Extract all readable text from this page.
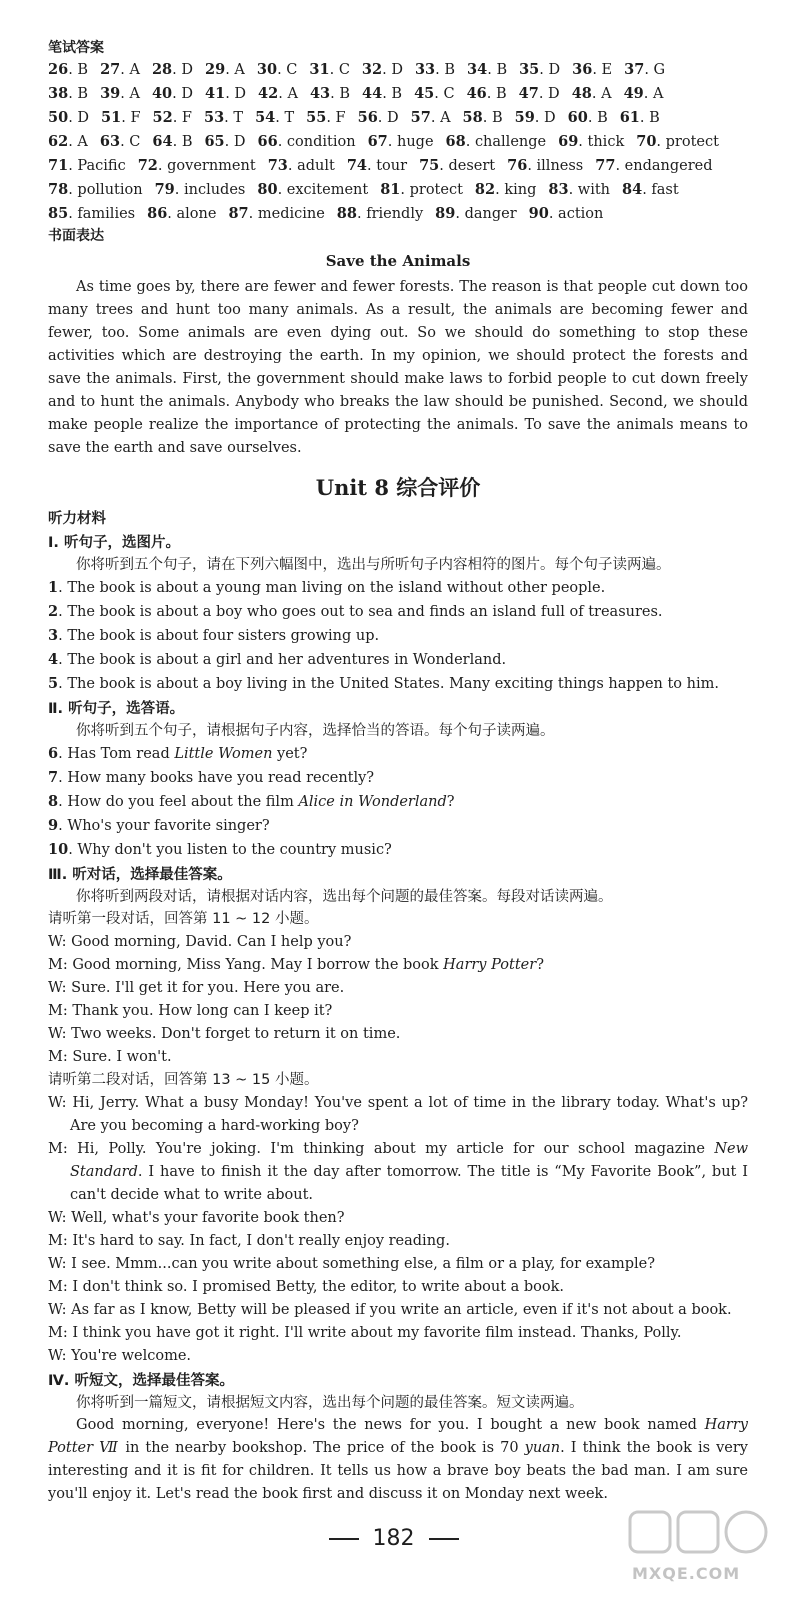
笔试答案
26. B 27. A 28. D 29. A 30. C 31. C 32. D 33. B 34. B 35. D 36. E 37. G
38. B 39. A 40. D 41. D 42. A 43. B 44. B 45. C 46. B 47. D 48. A 49. A
50. D 51. F 52. F 53. T 54. T 55. F 56. D 57. A 58. B 59. D 60. B 61. B
62. A 63. C 64. B 65. D 66. condition 67. huge 68. challenge 69. thick 70. protect
71. Pacific 72. government 73. adult 74. tour 75. desert 76. illness 77. endangered
78. pollution 79. includes 80. excitement 81. protect 82. king 83. with 84. fast
85. families 86. alone 87. medicine 88. friendly 89. danger 90. action
书面表达
Save the Animals

As time goes by, there are fewer and fewer forests. The reason is that people cut down too many trees and hunt too many animals. As a result, the animals are becoming fewer and fewer, too. Some animals are even dying out. So we should do something to stop these activities which are destroying the earth. In my opinion, we should protect the forests and save the animals. First, the government should make laws to forbid people to cut down freely and to hunt the animals. Anybody who breaks the law should be punished. Second, we should make people realize the importance of protecting the animals. To save the animals means to save the earth and save ourselves.

Unit 8 综合评价
听力材料
Ⅰ. 听句子，选图片。
你将听到五个句子，请在下列六幅图中，选出与所听句子内容相符的图片。每个句子读两遍。
1. The book is about a young man living on the island without other people.
2. The book is about a boy who goes out to sea and finds an island full of treasures.
3. The book is about four sisters growing up.
4. The book is about a girl and her adventures in Wonderland.
5. The book is about a boy living in the United States. Many exciting things happen to him.
Ⅱ. 听句子，选答语。
你将听到五个句子，请根据句子内容，选择恰当的答语。每个句子读两遍。
6. Has Tom read Little Women yet?
7. How many books have you read recently?
8. How do you feel about the film Alice in Wonderland?
9. Who's your favorite singer?
10. Why don't you listen to the country music?
Ⅲ. 听对话，选择最佳答案。
你将听到两段对话，请根据对话内容，选出每个问题的最佳答案。每段对话读两遍。
请听第一段对话，回答第 11 ~ 12 小题。
W: Good morning, David. Can I help you?
M: Good morning, Miss Yang. May I borrow the book Harry Potter?
W: Sure. I'll get it for you. Here you are.
M: Thank you. How long can I keep it?
W: Two weeks. Don't forget to return it on time.
M: Sure. I won't.
请听第二段对话，回答第 13 ~ 15 小题。
W: Hi, Jerry. What a busy Monday! You've spent a lot of time in the library today. What's up? Are you becoming a hard-working boy?
M: Hi, Polly. You're joking. I'm thinking about my article for our school magazine New Standard. I have to finish it the day after tomorrow. The title is “My Favorite Book”, but I can't decide what to write about.
W: Well, what's your favorite book then?
M: It's hard to say. In fact, I don't really enjoy reading.
W: I see. Mmm...can you write about something else, a film or a play, for example?
M: I don't think so. I promised Betty, the editor, to write about a book.
W: As far as I know, Betty will be pleased if you write an article, even if it's not about a book.
M: I think you have got it right. I'll write about my favorite film instead. Thanks, Polly.
W: You're welcome.
Ⅳ. 听短文，选择最佳答案。
你将听到一篇短文，请根据短文内容，选出每个问题的最佳答案。短文读两遍。
Good morning, everyone! Here's the news for you. I bought a new book named Harry Potter Ⅶ in the nearby bookshop. The price of the book is 70 yuan. I think the book is very interesting and it is fit for children. It tells us how a brave boy beats the bad man. I am sure you'll enjoy it. Let's read the book first and discuss it on Monday next week.
182
MXQE.COM
